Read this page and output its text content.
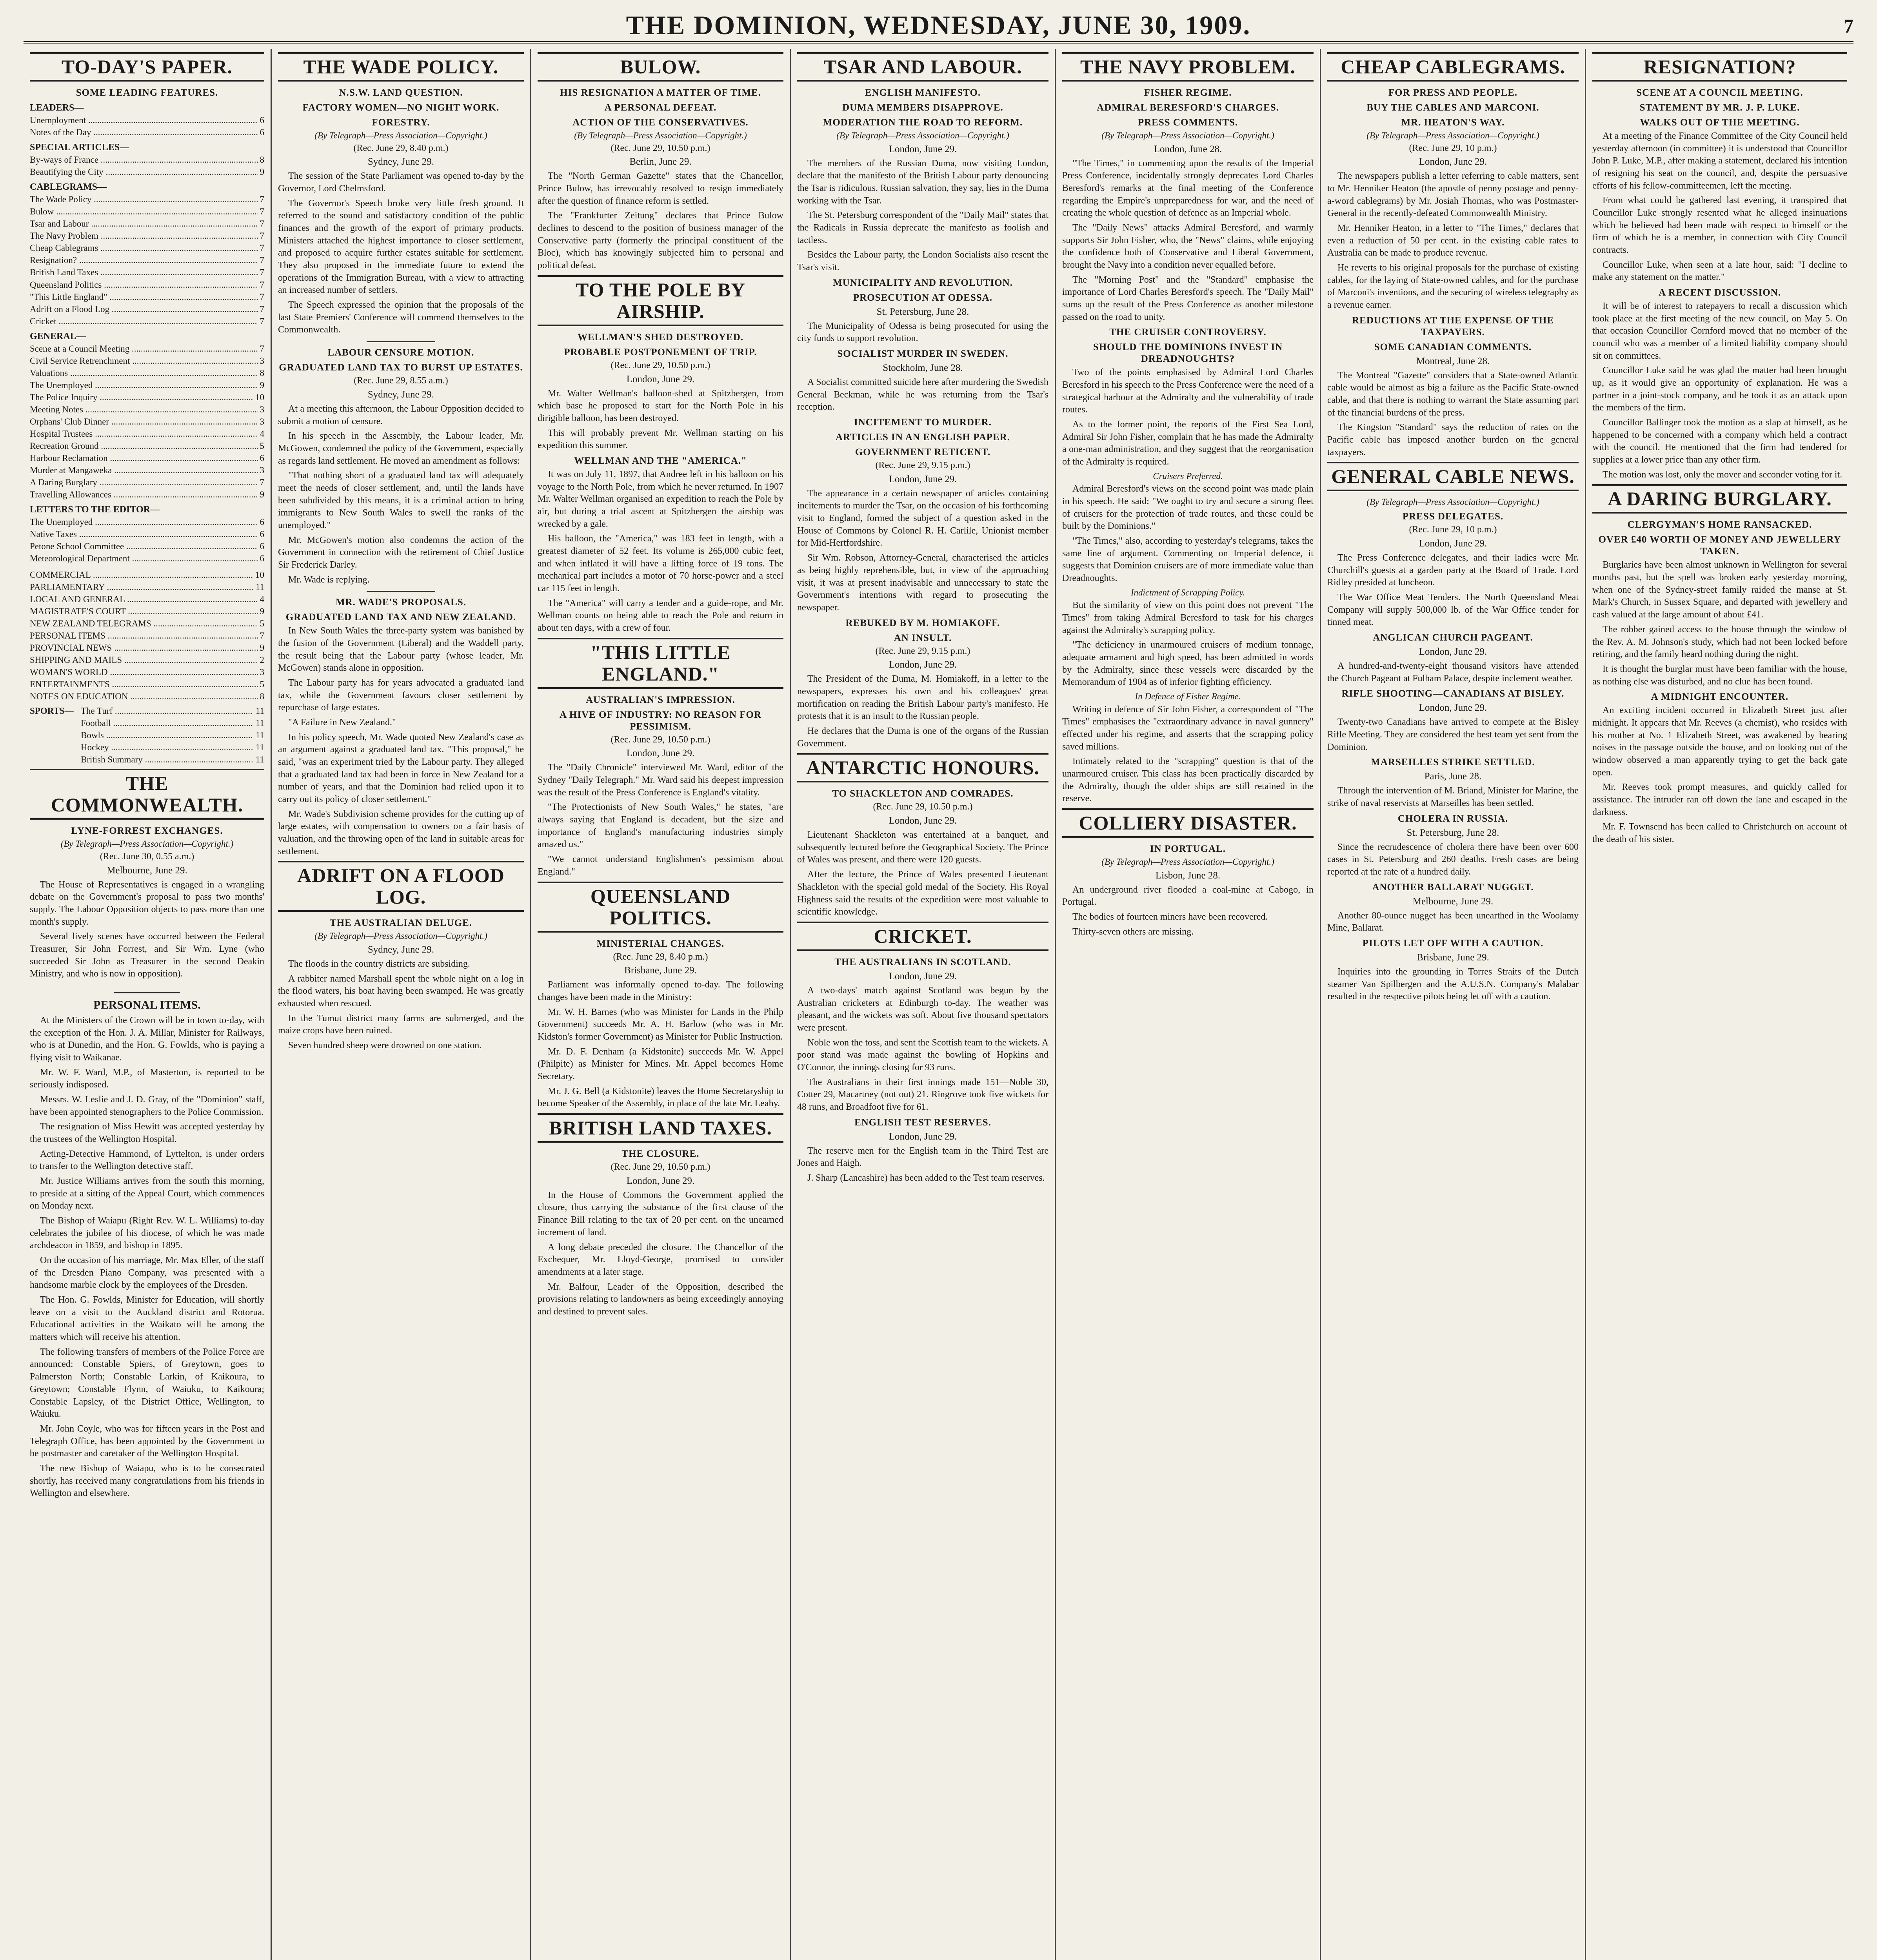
THE DOMINION, WEDNESDAY, JUNE 30, 1909.	7
TO-DAY'S PAPER.
SOME LEADING FEATURES.
LEADERS—
Unemployment .....	6
Notes of the Day .....	6
SPECIAL ARTICLES—
By-ways of France .....	8
Beautifying the City .....	9
CABLEGRAMS—
The Wade Policy .....	7
Bulow .....	7
Tsar and Labour .....	7
The Navy Problem .....	7
Cheap Cablegrams .....	7
Resignation? .....	7
British Land Taxes .....	7
Queensland Politics .....	7
"This Little England" .....	7
Adrift on a Flood Log .....	7
Cricket .....	7
GENERAL—
Scene at a Council Meeting .....	7
Civil Service Retrenchment .....	3
Valuations .....	8
The Unemployed .....	9
The Police Inquiry .....	10
Meeting Notes .....	3
Orphans' Club Dinner .....	3
Hospital Trustees .....	4
Recreation Ground .....	5
Harbour Reclamation .....	6
Murder at Mangaweka .....	3
A Daring Burglary .....	7
Travelling Allowances .....	9
LETTERS TO THE EDITOR—
The Unemployed .....	6
Native Taxes .....	6
Petone School Committee .....	6
Meteorological Department .....	6
COMMERCIAL .....	10
PARLIAMENTARY .....	11
LOCAL AND GENERAL .....	4
MAGISTRATE'S COURT .....	9
NEW ZEALAND TELEGRAMS .....	5
PERSONAL ITEMS .....	7
PROVINCIAL NEWS .....	9
SHIPPING AND MAILS .....	2
WOMAN'S WORLD .....	3
ENTERTAINMENTS .....	5
NOTES ON EDUCATION .....	8
SPORTS— The Turf .....	11
Football .....	11
Bowls .....	11
Hockey .....	11
British Summary .....	11
THE COMMONWEALTH.
LYNE-FORREST EXCHANGES.
(By Telegraph—Press Association—Copyright.)
(Rec. June 30, 0.55 a.m.)
Melbourne, June 29.

The House of Representatives is engaged in a wrangling debate on the Government's proposal to pass two months' supply. The Labour Opposition objects to pass more than one month's supply.

Several lively scenes have occurred between the Federal Treasurer, Sir John Forrest, and Sir Wm. Lyne (who succeeded Sir John as Treasurer in the second Deakin Ministry, and who is now in opposition).

PERSONAL ITEMS.

At the Ministers of the Crown will be in town to-day, with the exception of the Hon. J. A. Millar, Minister for Railways, who is at Dunedin, and the Hon. G. Fowlds, who is paying a flying visit to Waikanae.

Mr. W. F. Ward, M.P., of Masterton, is reported to be seriously indisposed.

Messrs. W. Leslie and J. D. Gray, of the "Dominion" staff, have been appointed stenographers to the Police Commission.

The resignation of Miss Hewitt was accepted yesterday by the trustees of the Wellington Hospital.

Acting-Detective Hammond, of Lyttelton, is under orders to transfer to the Wellington detective staff.

Mr. Justice Williams arrives from the south this morning, to preside at a sitting of the Appeal Court, which commences on Monday next.

The Bishop of Waiapu (Right Rev. W. L. Williams) to-day celebrates the jubilee of his diocese, of which he was made archdeacon in 1859, and bishop in 1895.

On the occasion of his marriage, Mr. Max Eller, of the staff of the Dresden Piano Company, was presented with a handsome marble clock by the employees of the Dresden.

The Hon. G. Fowlds, Minister for Education, will shortly leave on a visit to the Auckland district and Rotorua. Educational activities in the Waikato will be among the matters which will receive his attention.

The following transfers of members of the Police Force are announced: Constable Spiers, of Greytown, goes to Palmerston North; Constable Larkin, of Kaikoura, to Greytown; Constable Flynn, of Waiuku, to Kaikoura; Constable Lapsley, of the District Office, Wellington, to Waiuku.

Mr. John Coyle, who was for fifteen years in the Post and Telegraph Office, has been appointed by the Government to be postmaster and caretaker of the Wellington Hospital.

The new Bishop of Waiapu, who is to be consecrated shortly, has received many congratulations from his friends in Wellington and elsewhere.

THE WADE POLICY.
N.S.W. LAND QUESTION.
FACTORY WOMEN—NO NIGHT WORK.
FORESTRY.
(By Telegraph—Press Association—Copyright.)
(Rec. June 29, 8.40 p.m.)
Sydney, June 29.

The session of the State Parliament was opened to-day by the Governor, Lord Chelmsford.

The Governor's Speech broke very little fresh ground. It referred to the sound and satisfactory condition of the public finances and the growth of the export of primary products. Ministers attached the highest importance to closer settlement, and proposed to acquire further estates suitable for settlement. They also proposed in the immediate future to extend the operations of the Immigration Bureau, with a view to attracting an increased number of settlers.

The Speech expressed the opinion that the proposals of the last State Premiers' Conference will commend themselves to the Commonwealth.

LABOUR CENSURE MOTION.
GRADUATED LAND TAX TO BURST UP ESTATES.
(Rec. June 29, 8.55 a.m.)
Sydney, June 29.

At a meeting this afternoon, the Labour Opposition decided to submit a motion of censure.

In his speech in the Assembly, the Labour leader, Mr. McGowen, condemned the policy of the Government, especially as regards land settlement. He moved an amendment as follows:

"That nothing short of a graduated land tax will adequately meet the needs of closer settlement, and, until the lands have been subdivided by this means, it is a criminal action to bring immigrants to New South Wales to swell the ranks of the unemployed."

Mr. McGowen's motion also condemns the action of the Government in connection with the retirement of Chief Justice Sir Frederick Darley.

Mr. Wade is replying.

MR. WADE'S PROPOSALS.
GRADUATED LAND TAX AND NEW ZEALAND.

In New South Wales the three-party system was banished by the fusion of the Government (Liberal) and the Waddell party, the result being that the Labour party (whose leader, Mr. McGowen) stands alone in opposition.

The Labour party has for years advocated a graduated land tax, while the Government favours closer settlement by repurchase of large estates.

"A Failure in New Zealand."

In his policy speech, Mr. Wade quoted New Zealand's case as an argument against a graduated land tax. "This proposal," he said, "was an experiment tried by the Labour party. They alleged that a graduated land tax had been in force in New Zealand for a number of years, and that the Dominion had relied upon it to carry out its policy of closer settlement."

Mr. Wade's Subdivision scheme provides for the cutting up of large estates, with compensation to owners on a fair basis of valuation, and the throwing open of the land in suitable areas for settlement.

ADRIFT ON A FLOOD LOG.
THE AUSTRALIAN DELUGE.
(By Telegraph—Press Association—Copyright.)
Sydney, June 29.

The floods in the country districts are subsiding.

A rabbiter named Marshall spent the whole night on a log in the flood waters, his boat having been swamped. He was greatly exhausted when rescued.

In the Tumut district many farms are submerged, and the maize crops have been ruined.

Seven hundred sheep were drowned on one station.

BULOW.
HIS RESIGNATION A MATTER OF TIME.
A PERSONAL DEFEAT.
ACTION OF THE CONSERVATIVES.
(By Telegraph—Press Association—Copyright.)
(Rec. June 29, 10.50 p.m.)
Berlin, June 29.

The "North German Gazette" states that the Chancellor, Prince Bulow, has irrevocably resolved to resign immediately after the question of finance reform is settled.

The "Frankfurter Zeitung" declares that Prince Bulow declines to descend to the position of business manager of the Conservative party (formerly the principal constituent of the Bloc), which has knowingly subjected him to personal and political defeat.

TO THE POLE BY AIRSHIP.
WELLMAN'S SHED DESTROYED.
PROBABLE POSTPONEMENT OF TRIP.
(Rec. June 29, 10.50 p.m.)
London, June 29.

Mr. Walter Wellman's balloon-shed at Spitzbergen, from which base he proposed to start for the North Pole in his dirigible balloon, has been destroyed.

This will probably prevent Mr. Wellman starting on his expedition this summer.

WELLMAN AND THE "AMERICA."

It was on July 11, 1897, that Andree left in his balloon on his voyage to the North Pole, from which he never returned. In 1907 Mr. Walter Wellman organised an expedition to reach the Pole by air, but during a trial ascent at Spitzbergen the airship was wrecked by a gale.

His balloon, the "America," was 183 feet in length, with a greatest diameter of 52 feet. Its volume is 265,000 cubic feet, and when inflated it will have a lifting force of 19 tons. The mechanical part includes a motor of 70 horse-power and a steel car 115 feet in length.

The "America" will carry a tender and a guide-rope, and Mr. Wellman counts on being able to reach the Pole and return in about ten days, with a crew of four.

"THIS LITTLE ENGLAND."
AUSTRALIAN'S IMPRESSION.
A HIVE OF INDUSTRY: NO REASON FOR PESSIMISM.
(Rec. June 29, 10.50 p.m.)
London, June 29.

The "Daily Chronicle" interviewed Mr. Ward, editor of the Sydney "Daily Telegraph." Mr. Ward said his deepest impression was the result of the Press Conference is England's vitality.

"The Protectionists of New South Wales," he states, "are always saying that England is decadent, but the size and importance of England's manufacturing industries simply amazed us."

"We cannot understand Englishmen's pessimism about England."

QUEENSLAND POLITICS.
MINISTERIAL CHANGES.
(Rec. June 29, 8.40 p.m.)
Brisbane, June 29.

Parliament was informally opened to-day. The following changes have been made in the Ministry:

Mr. W. H. Barnes (who was Minister for Lands in the Philp Government) succeeds Mr. A. H. Barlow (who was in Mr. Kidston's former Government) as Minister for Public Instruction.

Mr. D. F. Denham (a Kidstonite) succeeds Mr. W. Appel (Philpite) as Minister for Mines. Mr. Appel becomes Home Secretary.

Mr. J. G. Bell (a Kidstonite) leaves the Home Secretaryship to become Speaker of the Assembly, in place of the late Mr. Leahy.

BRITISH LAND TAXES.
THE CLOSURE.
(Rec. June 29, 10.50 p.m.)
London, June 29.

In the House of Commons the Government applied the closure, thus carrying the substance of the first clause of the Finance Bill relating to the tax of 20 per cent. on the unearned increment of land.

A long debate preceded the closure. The Chancellor of the Exchequer, Mr. Lloyd-George, promised to consider amendments at a later stage.

Mr. Balfour, Leader of the Opposition, described the provisions relating to landowners as being exceedingly annoying and destined to prevent sales.

TSAR AND LABOUR.
ENGLISH MANIFESTO.
DUMA MEMBERS DISAPPROVE.
MODERATION THE ROAD TO REFORM.
(By Telegraph—Press Association—Copyright.)
London, June 29.

The members of the Russian Duma, now visiting London, declare that the manifesto of the British Labour party denouncing the Tsar is ridiculous. Russian salvation, they say, lies in the Duma working with the Tsar.

The St. Petersburg correspondent of the "Daily Mail" states that the Radicals in Russia deprecate the manifesto as foolish and tactless.

Besides the Labour party, the London Socialists also resent the Tsar's visit.

MUNICIPALITY AND REVOLUTION.
PROSECUTION AT ODESSA.
St. Petersburg, June 28.

The Municipality of Odessa is being prosecuted for using the city funds to support revolution.

SOCIALIST MURDER IN SWEDEN.
Stockholm, June 28.

A Socialist committed suicide here after murdering the Swedish General Beckman, while he was returning from the Tsar's reception.

INCITEMENT TO MURDER.
ARTICLES IN AN ENGLISH PAPER.
GOVERNMENT RETICENT.
(Rec. June 29, 9.15 p.m.)
London, June 29.

The appearance in a certain newspaper of articles containing incitements to murder the Tsar, on the occasion of his forthcoming visit to England, formed the subject of a question asked in the House of Commons by Colonel R. H. Carlile, Unionist member for Mid-Hertfordshire.

Sir Wm. Robson, Attorney-General, characterised the articles as being highly reprehensible, but, in view of the approaching visit, it was at present inadvisable and unnecessary to state the Government's intentions with regard to prosecuting the newspaper.

REBUKED BY M. HOMIAKOFF.
AN INSULT.
(Rec. June 29, 9.15 p.m.)
London, June 29.

The President of the Duma, M. Homiakoff, in a letter to the newspapers, expresses his own and his colleagues' great mortification on reading the British Labour party's manifesto. He protests that it is an insult to the Russian people.

He declares that the Duma is one of the organs of the Russian Government.

ANTARCTIC HONOURS.
TO SHACKLETON AND COMRADES.
(Rec. June 29, 10.50 p.m.)
London, June 29.

Lieutenant Shackleton was entertained at a banquet, and subsequently lectured before the Geographical Society. The Prince of Wales was present, and there were 120 guests.

After the lecture, the Prince of Wales presented Lieutenant Shackleton with the special gold medal of the Society. His Royal Highness said the results of the expedition were most valuable to scientific knowledge.

CRICKET.
THE AUSTRALIANS IN SCOTLAND.
London, June 29.

A two-days' match against Scotland was begun by the Australian cricketers at Edinburgh to-day. The weather was pleasant, and the wickets was soft. About five thousand spectators were present.

Noble won the toss, and sent the Scottish team to the wickets. A poor stand was made against the bowling of Hopkins and O'Connor, the innings closing for 93 runs.

The Australians in their first innings made 151—Noble 30, Cotter 29, Macartney (not out) 21. Ringrove took five wickets for 48 runs, and Broadfoot five for 61.

ENGLISH TEST RESERVES.
London, June 29.

The reserve men for the English team in the Third Test are Jones and Haigh.

J. Sharp (Lancashire) has been added to the Test team reserves.

THE NAVY PROBLEM.
FISHER REGIME.
ADMIRAL BERESFORD'S CHARGES.
PRESS COMMENTS.
(By Telegraph—Press Association—Copyright.)
London, June 28.

"The Times," in commenting upon the results of the Imperial Press Conference, incidentally strongly deprecates Lord Charles Beresford's remarks at the final meeting of the Conference regarding the Empire's unpreparedness for war, and the need of creating the whole question of defence as an Imperial whole.

The "Daily News" attacks Admiral Beresford, and warmly supports Sir John Fisher, who, the "News" claims, while enjoying the confidence both of Conservative and Liberal Government, brought the Navy into a condition never equalled before.

The "Morning Post" and the "Standard" emphasise the importance of Lord Charles Beresford's speech. The "Daily Mail" sums up the result of the Press Conference as another milestone passed on the road to unity.

THE CRUISER CONTROVERSY.
SHOULD THE DOMINIONS INVEST IN DREADNOUGHTS?

Two of the points emphasised by Admiral Lord Charles Beresford in his speech to the Press Conference were the need of a strategical harbour at the Admiralty and the vulnerability of trade routes.

As to the former point, the reports of the First Sea Lord, Admiral Sir John Fisher, complain that he has made the Admiralty a one-man administration, and they suggest that the reorganisation of the Admiralty is required.

Cruisers Preferred.

Admiral Beresford's views on the second point was made plain in his speech. He said: "We ought to try and secure a strong fleet of cruisers for the protection of trade routes, and these could be built by the Dominions."

"The Times," also, according to yesterday's telegrams, takes the same line of argument. Commenting on Imperial defence, it suggests that Dominion cruisers are of more immediate value than Dreadnoughts.

Indictment of Scrapping Policy.

But the similarity of view on this point does not prevent "The Times" from taking Admiral Beresford to task for his charges against the Admiralty's scrapping policy.

"The deficiency in unarmoured cruisers of medium tonnage, adequate armament and high speed, has been admitted in words by the Admiralty, since these vessels were discarded by the Memorandum of 1904 as of inferior fighting efficiency.

In Defence of Fisher Regime.

Writing in defence of Sir John Fisher, a correspondent of "The Times" emphasises the "extraordinary advance in naval gunnery" effected under his regime, and asserts that the scrapping policy saved millions.

Intimately related to the "scrapping" question is that of the unarmoured cruiser. This class has been practically discarded by the Admiralty, though the older ships are still retained in the reserve.

COLLIERY DISASTER.
IN PORTUGAL.
(By Telegraph—Press Association—Copyright.)
Lisbon, June 28.

An underground river flooded a coal-mine at Cabogo, in Portugal.

The bodies of fourteen miners have been recovered.

Thirty-seven others are missing.

CHEAP CABLEGRAMS.
FOR PRESS AND PEOPLE.
BUY THE CABLES AND MARCONI.
MR. HEATON'S WAY.
(By Telegraph—Press Association—Copyright.)
(Rec. June 29, 10 p.m.)
London, June 29.

The newspapers publish a letter referring to cable matters, sent to Mr. Henniker Heaton (the apostle of penny postage and penny-a-word cablegrams) by Mr. Josiah Thomas, who was Postmaster-General in the recently-defeated Commonwealth Ministry.

Mr. Henniker Heaton, in a letter to "The Times," declares that even a reduction of 50 per cent. in the existing cable rates to Australia can be made to produce revenue.

He reverts to his original proposals for the purchase of existing cables, for the laying of State-owned cables, and for the purchase of Marconi's inventions, and the securing of wireless telegraphy as a revenue earner.

REDUCTIONS AT THE EXPENSE OF THE TAXPAYERS.
SOME CANADIAN COMMENTS.
Montreal, June 28.

The Montreal "Gazette" considers that a State-owned Atlantic cable would be almost as big a failure as the Pacific State-owned cable, and that there is nothing to warrant the State assuming part of the financial burdens of the press.

The Kingston "Standard" says the reduction of rates on the Pacific cable has imposed another burden on the general taxpayers.

GENERAL CABLE NEWS.
(By Telegraph—Press Association—Copyright.)
PRESS DELEGATES.
(Rec. June 29, 10 p.m.)
London, June 29.

The Press Conference delegates, and their ladies were Mr. Churchill's guests at a garden party at the Board of Trade. Lord Ridley presided at luncheon.

The War Office Meat Tenders. The North Queensland Meat Company will supply 500,000 lb. of the War Office tender for tinned meat.

ANGLICAN CHURCH PAGEANT.
London, June 29.

A hundred-and-twenty-eight thousand visitors have attended the Church Pageant at Fulham Palace, despite inclement weather.

RIFLE SHOOTING—CANADIANS AT BISLEY.
London, June 29.

Twenty-two Canadians have arrived to compete at the Bisley Rifle Meeting. They are considered the best team yet sent from the Dominion.

MARSEILLES STRIKE SETTLED.
Paris, June 28.

Through the intervention of M. Briand, Minister for Marine, the strike of naval reservists at Marseilles has been settled.

CHOLERA IN RUSSIA.
St. Petersburg, June 28.

Since the recrudescence of cholera there have been over 600 cases in St. Petersburg and 260 deaths. Fresh cases are being reported at the rate of a hundred daily.

ANOTHER BALLARAT NUGGET.
Melbourne, June 29.

Another 80-ounce nugget has been unearthed in the Woolamy Mine, Ballarat.

PILOTS LET OFF WITH A CAUTION.
Brisbane, June 29.

Inquiries into the grounding in Torres Straits of the Dutch steamer Van Spilbergen and the A.U.S.N. Company's Malabar resulted in the respective pilots being let off with a caution.

RESIGNATION?
SCENE AT A COUNCIL MEETING.
STATEMENT BY MR. J. P. LUKE.
WALKS OUT OF THE MEETING.

At a meeting of the Finance Committee of the City Council held yesterday afternoon (in committee) it is understood that Councillor John P. Luke, M.P., after making a statement, declared his intention of resigning his seat on the council, and, despite the persuasive efforts of his fellow-committeemen, left the meeting.

From what could be gathered last evening, it transpired that Councillor Luke strongly resented what he alleged insinuations which he believed had been made with respect to himself or the firm of which he is a member, in connection with City Council contracts.

Councillor Luke, when seen at a late hour, said: "I decline to make any statement on the matter."

A RECENT DISCUSSION.

It will be of interest to ratepayers to recall a discussion which took place at the first meeting of the new council, on May 5. On that occasion Councillor Cornford moved that no member of the council who was a member of a limited liability company should sit on committees.

Councillor Luke said he was glad the matter had been brought up, as it would give an opportunity of explanation. He was a partner in a joint-stock company, and he took it as an attack upon the members of the firm.

Councillor Ballinger took the motion as a slap at himself, as he happened to be concerned with a company which held a contract with the council. He mentioned that the firm had tendered for supplies at a lower price than any other firm.

The motion was lost, only the mover and seconder voting for it.

A DARING BURGLARY.
CLERGYMAN'S HOME RANSACKED.
OVER £40 WORTH OF MONEY AND JEWELLERY TAKEN.

Burglaries have been almost unknown in Wellington for several months past, but the spell was broken early yesterday morning, when one of the Sydney-street family raided the manse at St. Mark's Church, in Sussex Square, and departed with jewellery and cash valued at the large amount of about £41.

The robber gained access to the house through the window of the Rev. A. M. Johnson's study, which had not been locked before retiring, and the family heard nothing during the night.

It is thought the burglar must have been familiar with the house, as nothing else was disturbed, and no clue has been found.

A MIDNIGHT ENCOUNTER.

An exciting incident occurred in Elizabeth Street just after midnight. It appears that Mr. Reeves (a chemist), who resides with his mother at No. 1 Elizabeth Street, was awakened by hearing noises in the passage outside the house, and on looking out of the window observed a man apparently trying to get the back gate open.

Mr. Reeves took prompt measures, and quickly called for assistance. The intruder ran off down the lane and escaped in the darkness.

Mr. F. Townsend has been called to Christchurch on account of the death of his sister.
